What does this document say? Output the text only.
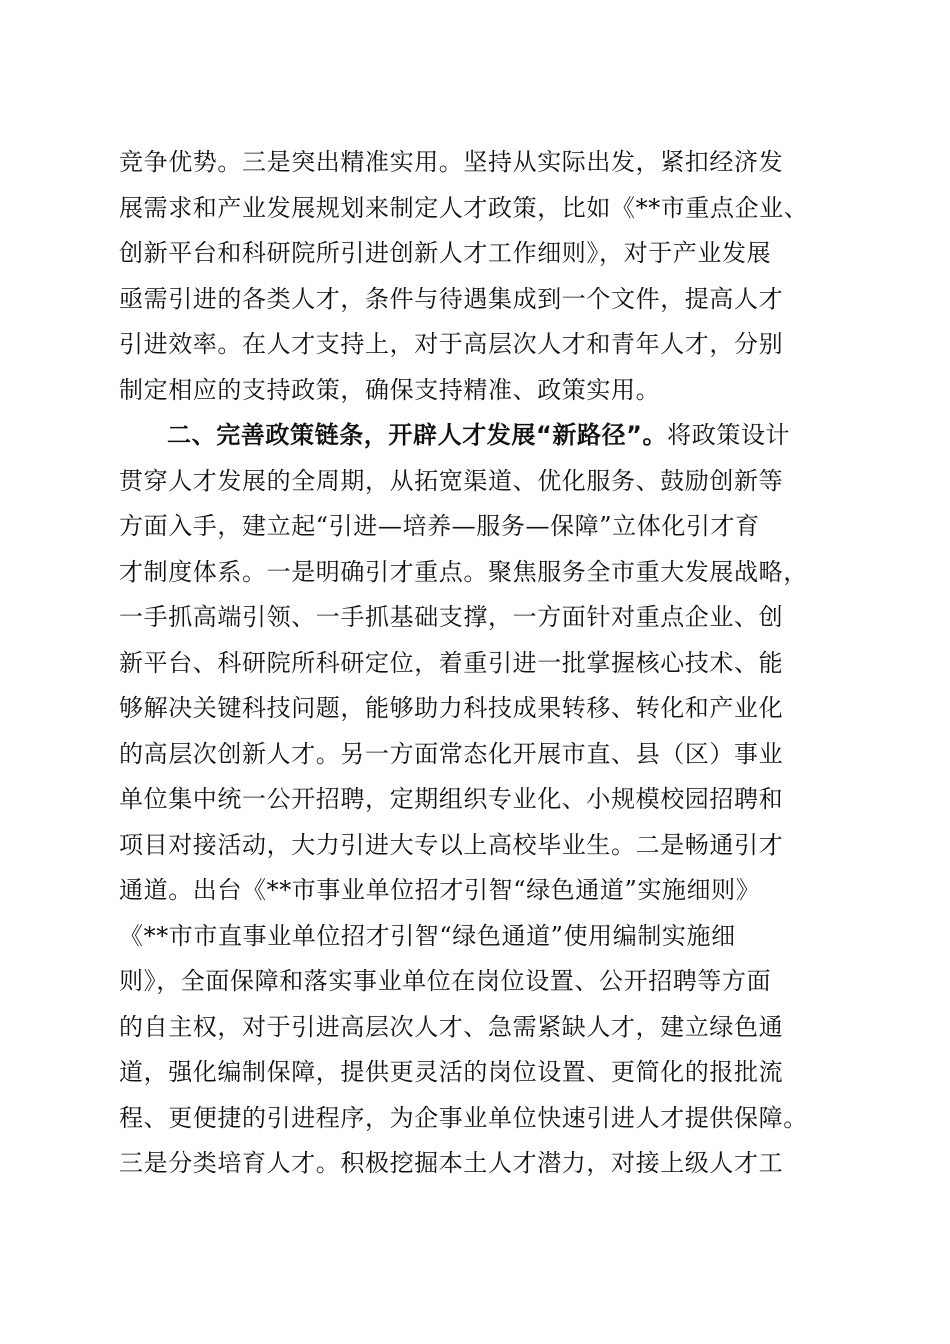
竞争优势。三是突出精准实用。坚持从实际出发，紧扣经济发
展需求和产业发展规划来制定人才政策，比如《**市重点企业、
创新平台和科研院所引进创新人才工作细则》，对于产业发展
亟需引进的各类人才，条件与待遇集成到一个文件，提高人才
引进效率。在人才支持上，对于高层次人才和青年人才，分别
制定相应的支持政策，确保支持精准、政策实用。
二、完善政策链条，开辟人才发展“新路径”。将政策设计
贯穿人才发展的全周期，从拓宽渠道、优化服务、鼓励创新等
方面入手，建立起“引进—培养—服务—保障”立体化引才育
才制度体系。一是明确引才重点。聚焦服务全市重大发展战略，
一手抓高端引领、一手抓基础支撑，一方面针对重点企业、创
新平台、科研院所科研定位，着重引进一批掌握核心技术、能
够解决关键科技问题，能够助力科技成果转移、转化和产业化
的高层次创新人才。另一方面常态化开展市直、县（区）事业
单位集中统一公开招聘，定期组织专业化、小规模校园招聘和
项目对接活动，大力引进大专以上高校毕业生。二是畅通引才
通道。出台《**市事业单位招才引智“绿色通道”实施细则》
《**市市直事业单位招才引智“绿色通道”使用编制实施细
则》，全面保障和落实事业单位在岗位设置、公开招聘等方面
的自主权，对于引进高层次人才、急需紧缺人才，建立绿色通
道，强化编制保障，提供更灵活的岗位设置、更简化的报批流
程、更便捷的引进程序，为企事业单位快速引进人才提供保障。
三是分类培育人才。积极挖掘本土人才潜力，对接上级人才工
